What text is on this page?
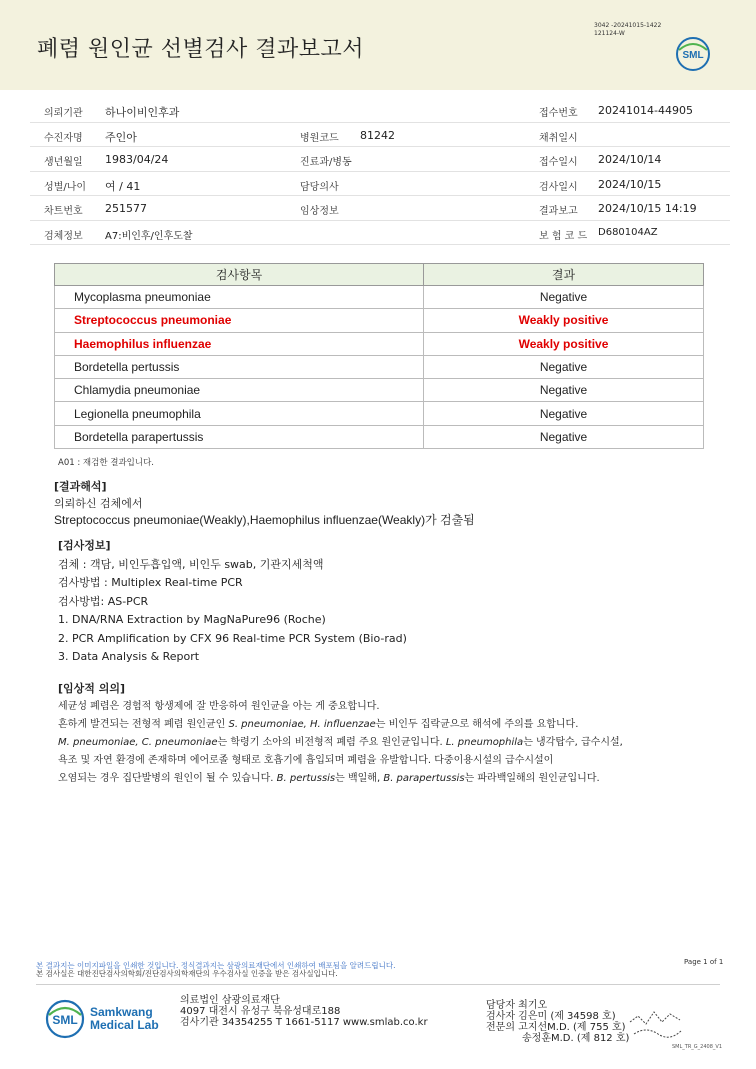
폐렴 원인균 선별검사 결과보고서
3042 -20241015-1422
121124-W
SML
의뢰기관 하나이비인후과	접수번호 20241014-44905
수진자명 주인아	병원코드 81242	채취일시
생년월일 1983/04/24	진료과/병동	접수일시 2024/10/14
성별/나이 여 / 41	담당의사	검사일시 2024/10/15
차트번호 251577	임상정보	결과보고 2024/10/15 14:19
검체정보 A7:비인후/인후도찰	보 험 코 드 D680104AZ
검사항목	결과
Mycoplasma pneumoniae	Negative
Streptococcus pneumoniae	Weakly positive
Haemophilus influenzae	Weakly positive
Bordetella pertussis	Negative
Chlamydia pneumoniae	Negative
Legionella pneumophila	Negative
Bordetella parapertussis	Negative
A01 : 재검한 결과입니다.
[결과해석]
의뢰하신 검체에서
Streptococcus pneumoniae(Weakly),Haemophilus influenzae(Weakly)가 검출됨
[검사정보]
검체 : 객담, 비인두흡입액, 비인두 swab, 기관지세척액
검사방법 : Multiplex Real-time PCR
검사방법: AS-PCR
1. DNA/RNA Extraction by MagNaPure96 (Roche)
2. PCR Amplification by CFX 96 Real-time PCR System (Bio-rad)
3. Data Analysis & Report
[임상적 의의]
세균성 폐렴은 경험적 항생제에 잘 반응하여 원인균을 아는 게 중요합니다.
흔하게 발견되는 전형적 폐렴 원인균인 S. pneumoniae, H. influenzae는 비인두 집락균으로 해석에 주의를 요합니다.
M. pneumoniae, C. pneumoniae는 학령기 소아의 비전형적 폐렴 주요 원인균입니다. L. pneumophila는 냉각탑수, 급수시설,
욕조 및 자연 환경에 존재하며 에어로졸 형태로 호흡기에 흡입되며 폐렴을 유발합니다. 다중이용시설의 급수시설이
오염되는 경우 집단발병의 원인이 될 수 있습니다. B. pertussis는 백일해, B. parapertussis는 파라백일해의 원인균입니다.
본 결과지는 이미지파일을 인쇄한 것입니다. 정식결과지는 삼광의료재단에서 인쇄하여 배포됨을 알려드립니다.
본 검사실은 대한진단검사의학회/진단검사의학재단의 우수검사실 인증을 받은 검사실입니다.
Page 1 of 1
SML
Samkwang
Medical Lab
의료법인 삼광의료재단
4097 대전시 유성구 북유성대로188
검사기관 34354255 T 1661-5117 www.smlab.co.kr
담당자 최기오
검사자 김은미 (제 34598 호)
전문의 고지선M.D. (제 755 호)
송정훈M.D. (제 812 호)
SML_TR_G_2408_V1
